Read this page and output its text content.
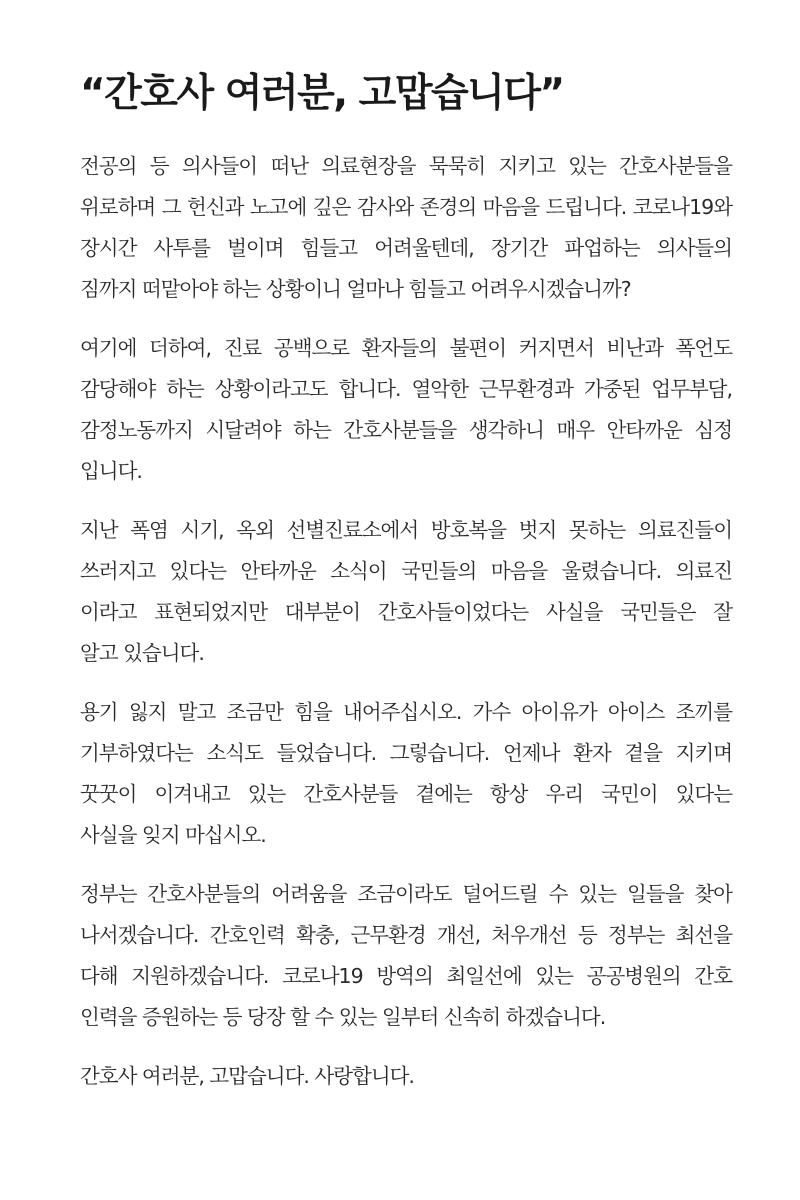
“간호사 여러분, 고맙습니다”
전공의 등 의사들이 떠난 의료현장을 묵묵히 지키고 있는 간호사분들을
위로하며 그 헌신과 노고에 깊은 감사와 존경의 마음을 드립니다. 코로나19와
장시간 사투를 벌이며 힘들고 어려울텐데, 장기간 파업하는 의사들의
짐까지 떠맡아야 하는 상황이니 얼마나 힘들고 어려우시겠습니까?
여기에 더하여, 진료 공백으로 환자들의 불편이 커지면서 비난과 폭언도
감당해야 하는 상황이라고도 합니다. 열악한 근무환경과 가중된 업무부담,
감정노동까지 시달려야 하는 간호사분들을 생각하니 매우 안타까운 심정
입니다.
지난 폭염 시기, 옥외 선별진료소에서 방호복을 벗지 못하는 의료진들이
쓰러지고 있다는 안타까운 소식이 국민들의 마음을 울렸습니다. 의료진
이라고 표현되었지만 대부분이 간호사들이었다는 사실을 국민들은 잘
알고 있습니다.
용기 잃지 말고 조금만 힘을 내어주십시오. 가수 아이유가 아이스 조끼를
기부하였다는 소식도 들었습니다. 그렇습니다. 언제나 환자 곁을 지키며
꿋꿋이 이겨내고 있는 간호사분들 곁에는 항상 우리 국민이 있다는
사실을 잊지 마십시오.
정부는 간호사분들의 어려움을 조금이라도 덜어드릴 수 있는 일들을 찾아
나서겠습니다. 간호인력 확충, 근무환경 개선, 처우개선 등 정부는 최선을
다해 지원하겠습니다. 코로나19 방역의 최일선에 있는 공공병원의 간호
인력을 증원하는 등 당장 할 수 있는 일부터 신속히 하겠습니다.
간호사 여러분, 고맙습니다. 사랑합니다.
